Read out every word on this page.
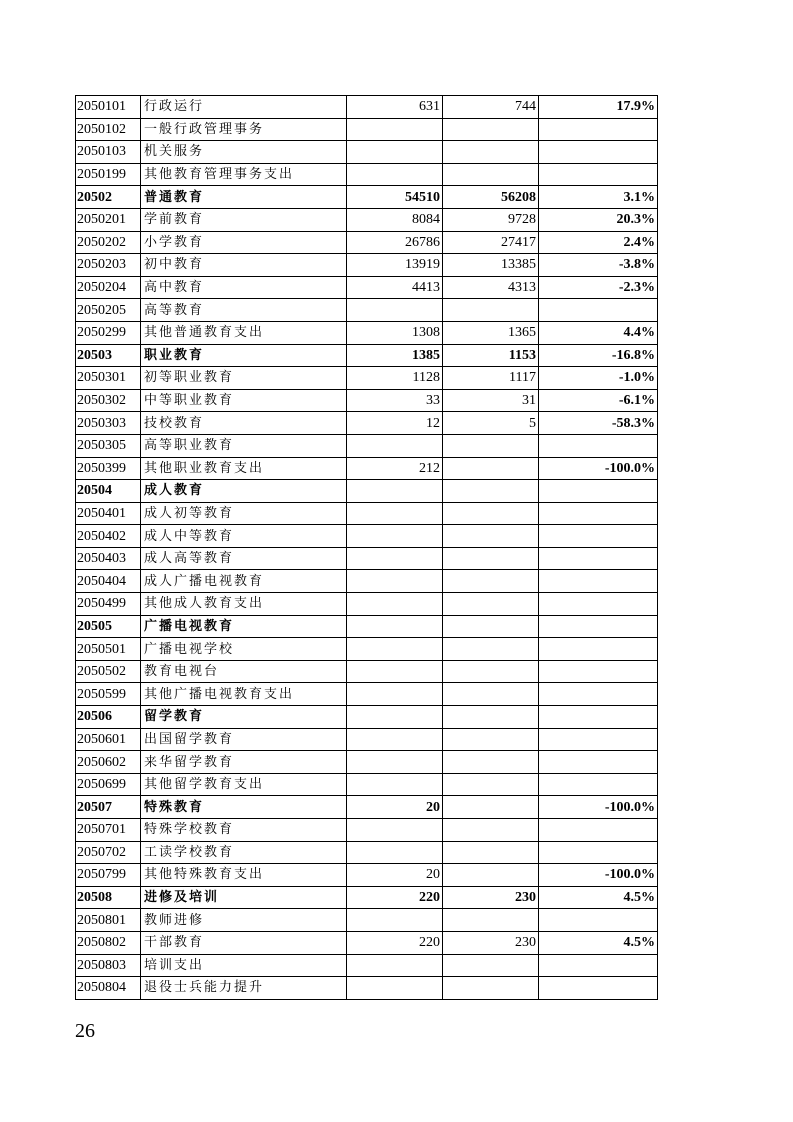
2050101	行政运行	631	744	17.9%
2050102	一般行政管理事务			
2050103	机关服务			
2050199	其他教育管理事务支出			
20502	普通教育	54510	56208	3.1%
2050201	学前教育	8084	9728	20.3%
2050202	小学教育	26786	27417	2.4%
2050203	初中教育	13919	13385	-3.8%
2050204	高中教育	4413	4313	-2.3%
2050205	高等教育			
2050299	其他普通教育支出	1308	1365	4.4%
20503	职业教育	1385	1153	-16.8%
2050301	初等职业教育	1128	1117	-1.0%
2050302	中等职业教育	33	31	-6.1%
2050303	技校教育	12	5	-58.3%
2050305	高等职业教育			
2050399	其他职业教育支出	212		-100.0%
20504	成人教育			
2050401	成人初等教育			
2050402	成人中等教育			
2050403	成人高等教育			
2050404	成人广播电视教育			
2050499	其他成人教育支出			
20505	广播电视教育			
2050501	广播电视学校			
2050502	教育电视台			
2050599	其他广播电视教育支出			
20506	留学教育			
2050601	出国留学教育			
2050602	来华留学教育			
2050699	其他留学教育支出			
20507	特殊教育	20		-100.0%
2050701	特殊学校教育			
2050702	工读学校教育			
2050799	其他特殊教育支出	20		-100.0%
20508	进修及培训	220	230	4.5%
2050801	教师进修			
2050802	干部教育	220	230	4.5%
2050803	培训支出			
2050804	退役士兵能力提升			
26
